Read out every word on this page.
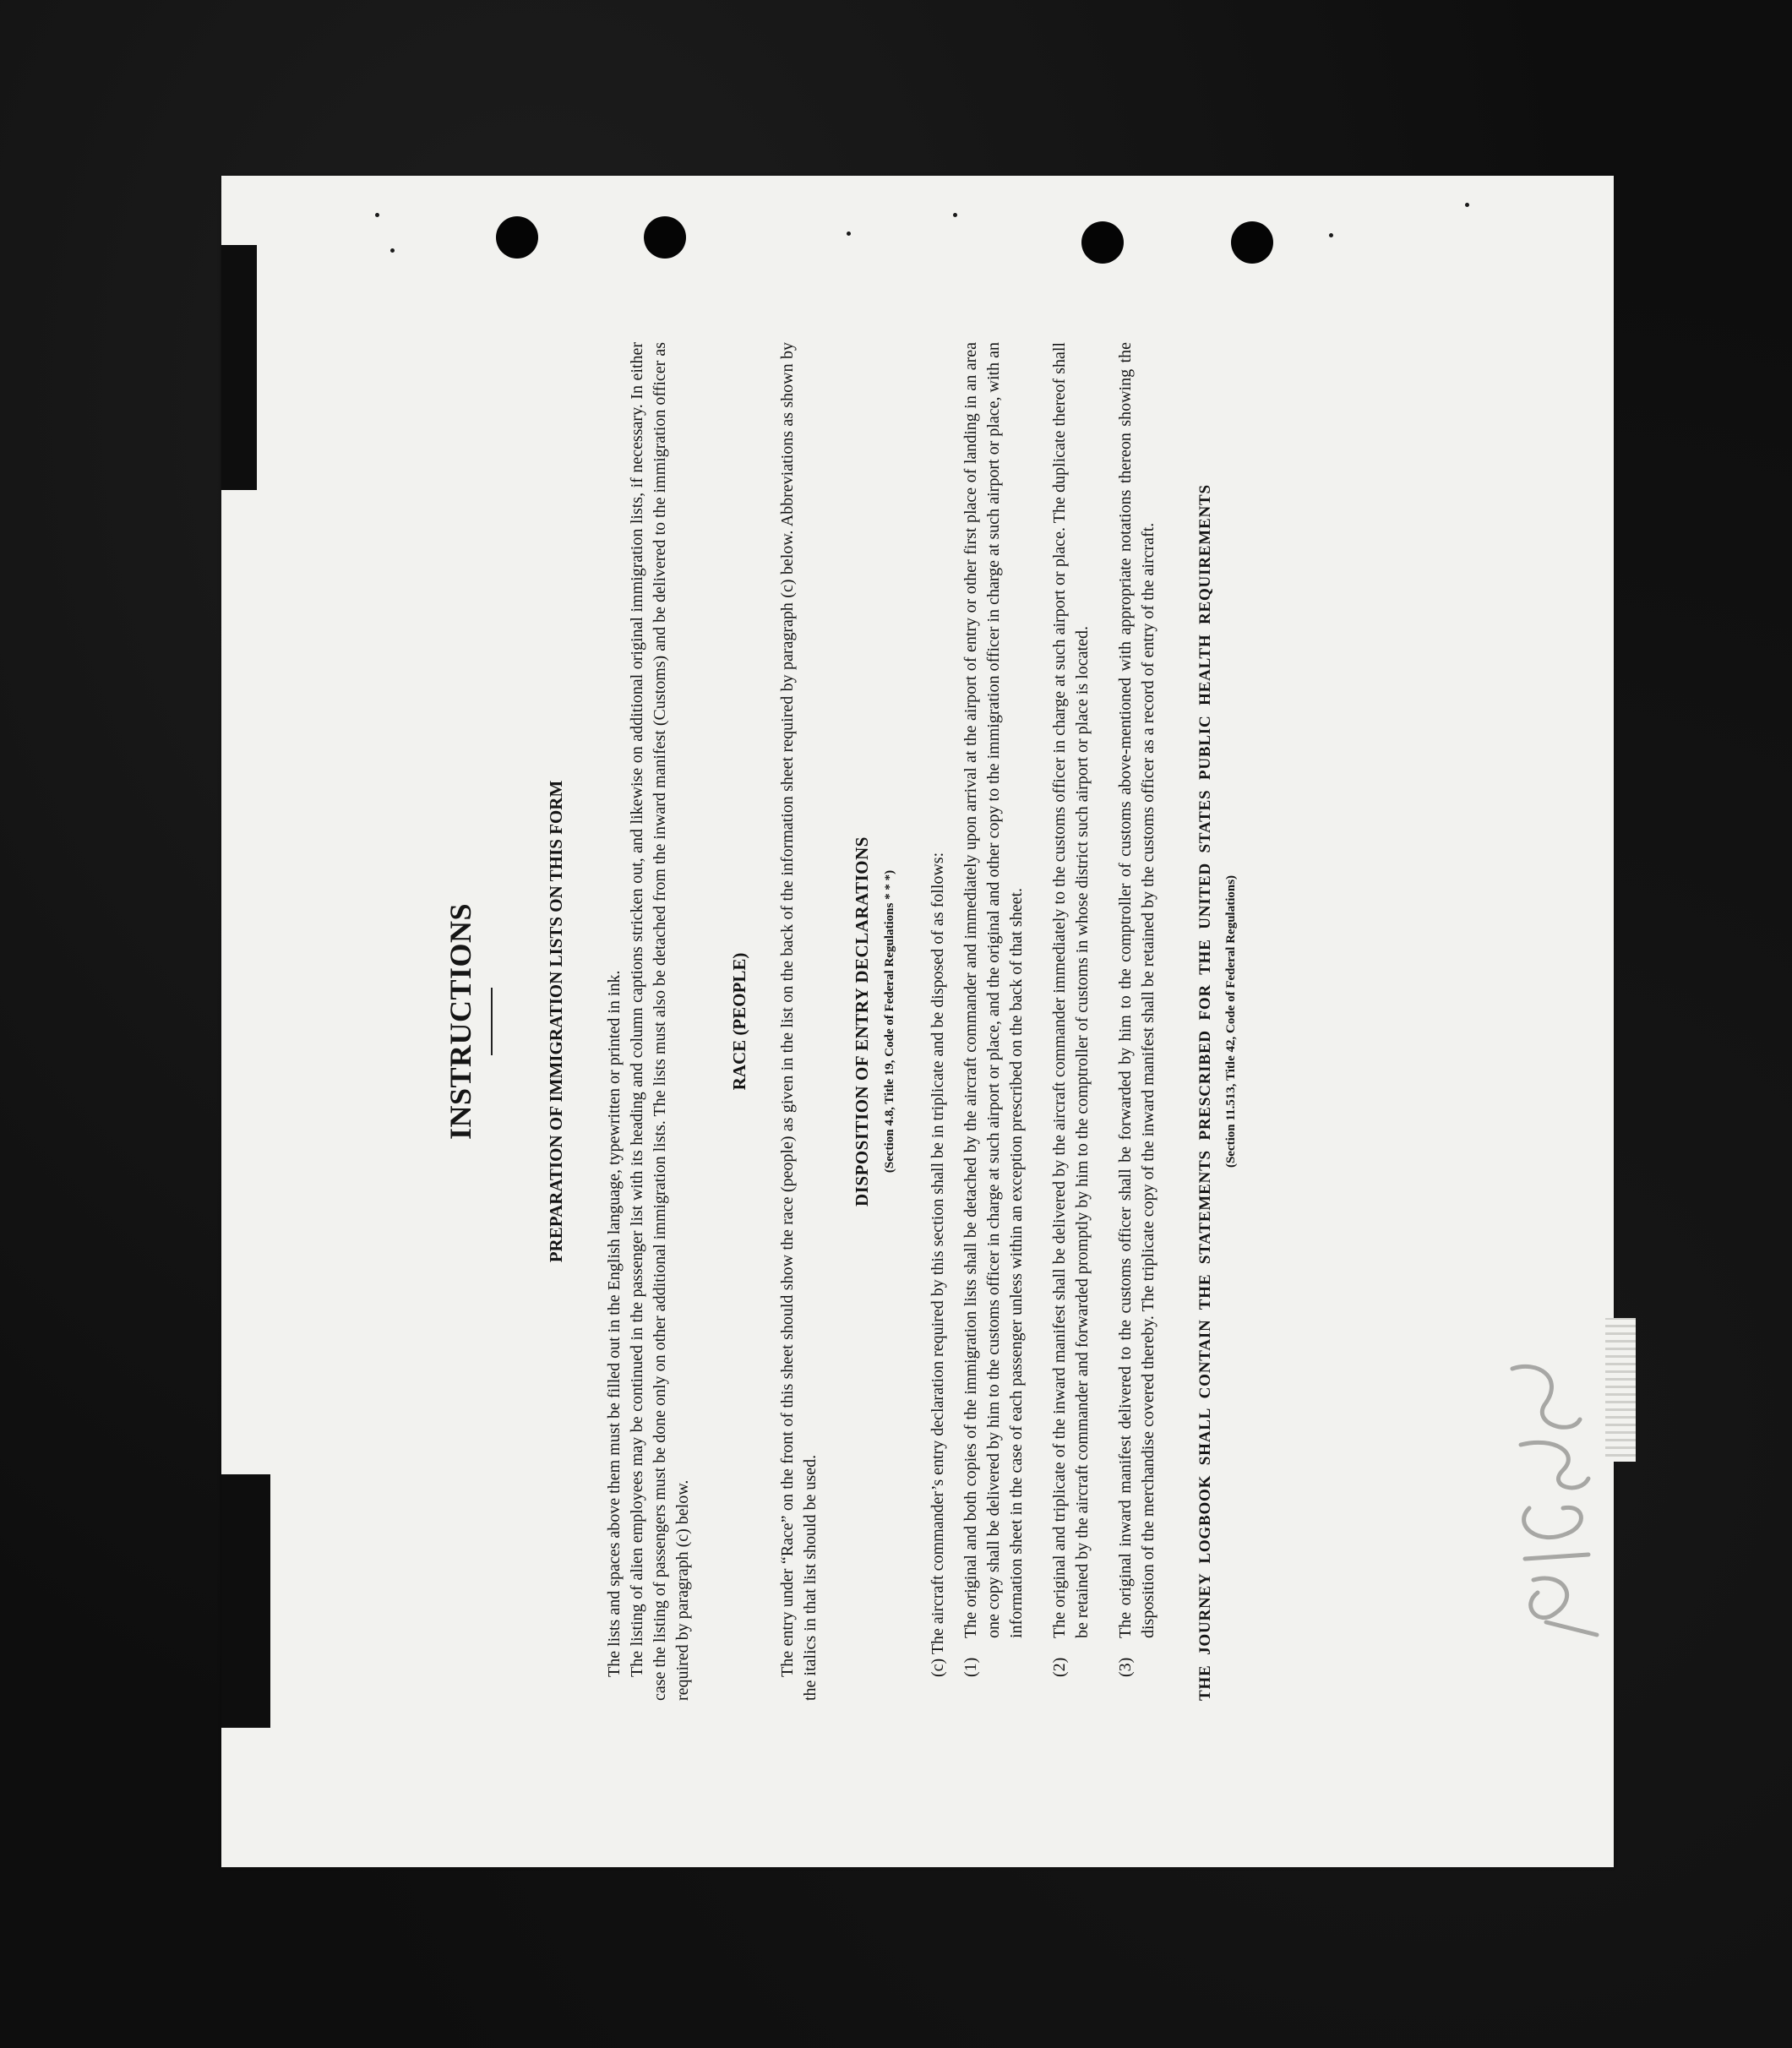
INSTRUCTIONS	PREPARATION OF IMMIGRATION LISTS ON THIS FORM The lists and spaces above them must be filled out in the English language, typewritten or printed in ink. The listing of alien employees may be continued in the passenger list with its heading and column captions stricken out, and likewise on additional original immigration lists, if necessary. In either case the listing of passengers must be done only on other additional immigration lists. The lists must also be detached from the inward manifest (Customs) and be delivered to the immigration officer as required by paragraph (c) below.

RACE (PEOPLE) The entry under “Race” on the front of this sheet should show the race (people) as given in the list on the back of the information sheet required by paragraph (c) below. Abbreviations as shown by the italics in that list should be used.

DISPOSITION OF ENTRY DECLARATIONS (Section 4.8, Title 19, Code of Federal Regulations * * *)	(c) The aircraft commander’s entry declaration required by this section shall be in triplicate and be disposed of as follows: (1)
The original and both copies of the immigration lists shall be detached by the aircraft commander and immediately upon arrival at the airport of entry or other first place of landing in an area one copy shall be delivered by him to the customs officer in charge at such airport or place, and the original and other copy to the immigration officer in charge at such airport or place, with an information sheet in the case of each passenger unless within an exception prescribed on the back of that sheet.
(2)
The original and triplicate of the inward manifest shall be delivered by the aircraft commander immediately to the customs officer in charge at such airport or place. The duplicate thereof shall be retained by the aircraft commander and forwarded promptly by him to the comptroller of customs in whose district such airport or place is located.
(3)
The original inward manifest delivered to the customs officer shall be forwarded by him to the comptroller of customs above-mentioned with appropriate notations thereon showing the disposition of the merchandise covered thereby. The triplicate copy of the inward manifest shall be retained by the customs officer as a record of entry of the aircraft. THE JOURNEY LOGBOOK SHALL CONTAIN THE STATEMENTS PRESCRIBED FOR THE UNITED STATES PUBLIC HEALTH REQUIREMENTS (Section 11.513, Title 42, Code of Federal Regulations)
